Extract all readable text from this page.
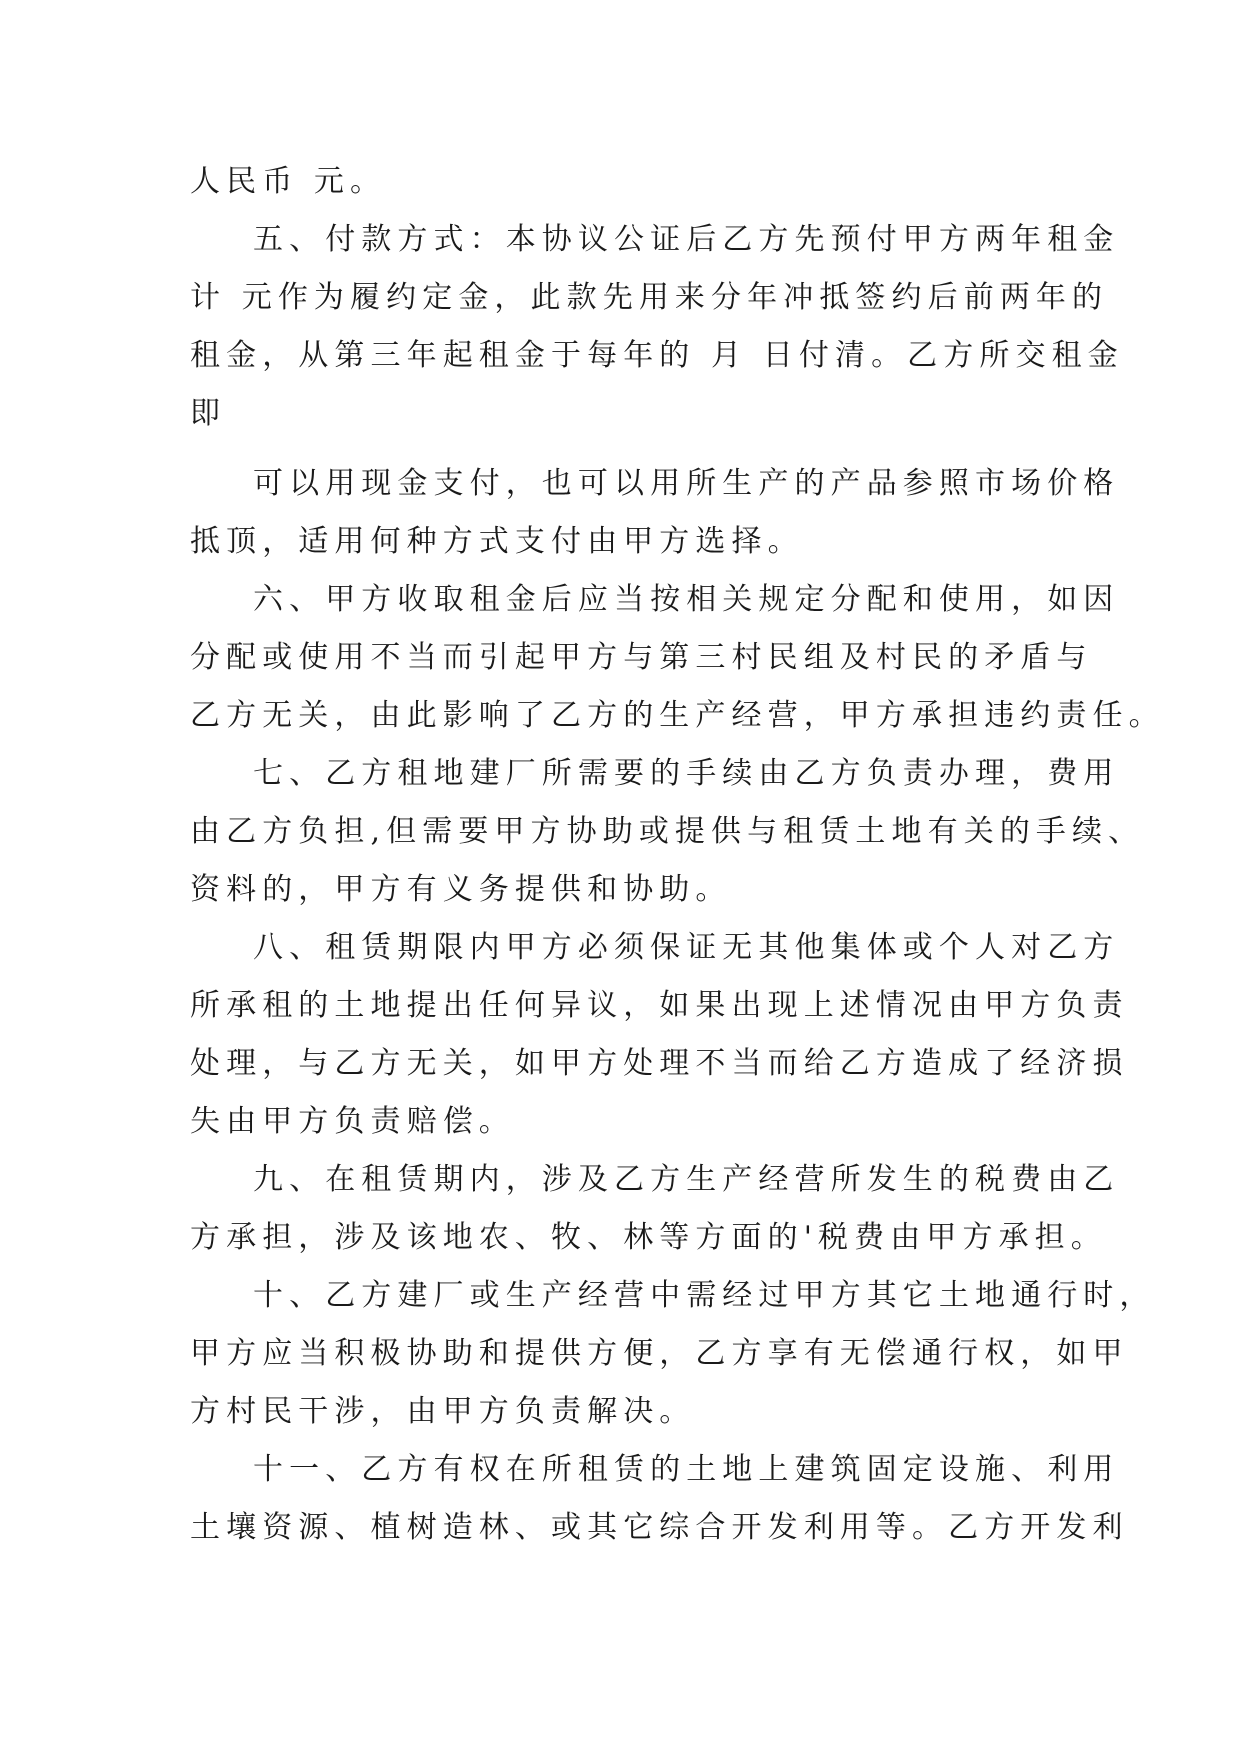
人民币 元。
五、付款方式：本协议公证后乙方先预付甲方两年租金
计 元作为履约定金，此款先用来分年冲抵签约后前两年的
租金，从第三年起租金于每年的 月 日付清。乙方所交租金
即
可以用现金支付，也可以用所生产的产品参照市场价格
抵顶，适用何种方式支付由甲方选择。
六、甲方收取租金后应当按相关规定分配和使用，如因
分配或使用不当而引起甲方与第三村民组及村民的矛盾与
乙方无关，由此影响了乙方的生产经营，甲方承担违约责任。
七、乙方租地建厂所需要的手续由乙方负责办理，费用
由乙方负担,但需要甲方协助或提供与租赁土地有关的手续、
资料的，甲方有义务提供和协助。
八、租赁期限内甲方必须保证无其他集体或个人对乙方
所承租的土地提出任何异议，如果出现上述情况由甲方负责
处理，与乙方无关，如甲方处理不当而给乙方造成了经济损
失由甲方负责赔偿。
九、在租赁期内，涉及乙方生产经营所发生的税费由乙
方承担，涉及该地农、牧、林等方面的'税费由甲方承担。
十、乙方建厂或生产经营中需经过甲方其它土地通行时，
甲方应当积极协助和提供方便，乙方享有无偿通行权，如甲
方村民干涉，由甲方负责解决。
十一、乙方有权在所租赁的土地上建筑固定设施、利用
土壤资源、植树造林、或其它综合开发利用等。乙方开发利
